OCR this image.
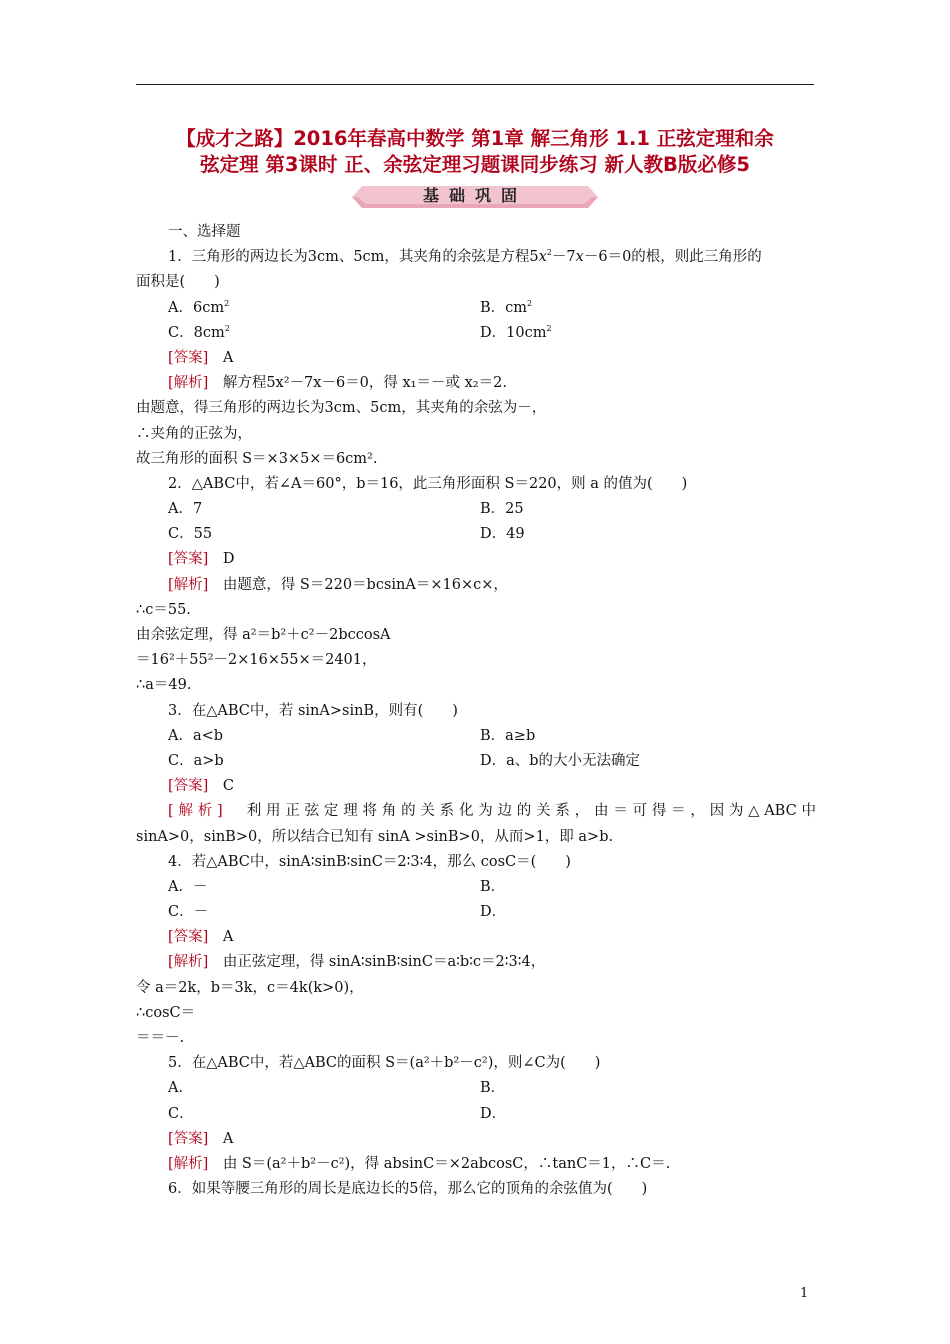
【成才之路】2016年春高中数学 第1章 解三角形 1.1 正弦定理和余
弦定理 第3课时 正、余弦定理习题课同步练习 新人教B版必修5
基础巩固
一、选择题
1．三角形的两边长为3cm、5cm，其夹角的余弦是方程$5x^2-7x-6=0$的根，则此三角形的
面积是(　　)
A．$6cm^2$	B．$cm^2$
C．$8cm^2$	D．$10cm^2$
[答案]　 A
[解析]　 解方程5x²－7x－6＝0，得 x₁＝－或 x₂＝2.
由题意，得三角形的两边长为3cm、5cm，其夹角的余弦为－，
∴夹角的正弦为，
故三角形的面积 S＝×3×5×＝6cm².
2．△ABC中，若∠A＝60°，b＝16，此三角形面积 S＝220，则 a 的值为(　　)
A．7	B．25
C．55	D．49
[答案]　 D
[解析]　 由题意，得 S＝220＝bcsinA＝×16×c×，
∴c＝55.
由余弦定理，得 a²＝b²＋c²－2bccosA
＝16²＋55²－2×16×55×＝2401，
∴a＝49.
3．在△ABC中，若 sinA>sinB，则有(　　)
A．a<b	B．a≥b
C．a>b	D．a、b的大小无法确定
[答案]　 C
[解析]　 利用正弦定理将角的关系化为边的关系，由＝可得＝，因为△ABC中
sinA>0，sinB>0，所以结合已知有 sinA >sinB>0，从而>1，即 a>b.
4．若△ABC中，sinA∶sinB∶sinC＝2∶3∶4，那么 cosC＝(　　)
A．－	B．
C．－	D．
[答案]　 A
[解析]　 由正弦定理，得 sinA∶sinB∶sinC＝a∶b∶c＝2∶3∶4，
令 a＝2k，b＝3k，c＝4k(k>0)，
∴cosC＝
＝＝－.
5．在△ABC中，若△ABC的面积 S＝(a²＋b²－c²)，则∠C为(　　)
A．	B．
C．	D．
[答案]　 A
[解析]　 由 S＝(a²＋b²－c²)，得 absinC＝×2abcosC，∴tanC＝1，∴C＝.
6．如果等腰三角形的周长是底边长的5倍，那么它的顶角的余弦值为(　　)
1
